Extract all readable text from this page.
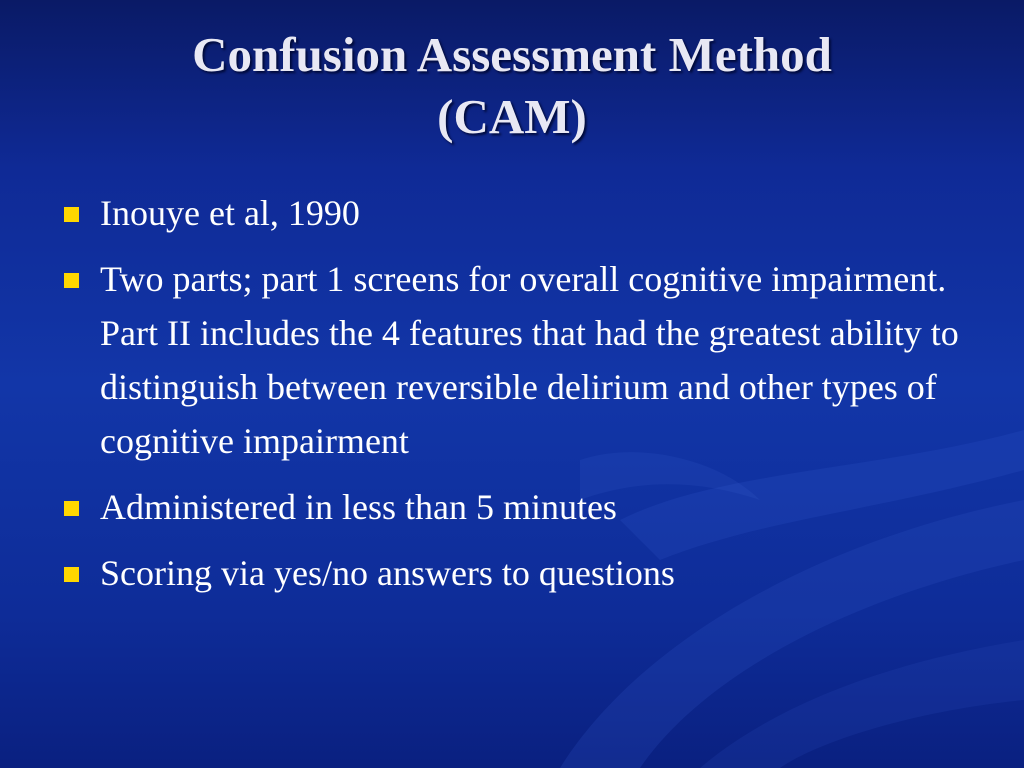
Confusion Assessment Method
(CAM)
Inouye et al, 1990
Two parts; part 1 screens for overall cognitive impairment.  Part II includes the 4 features that had the greatest ability to distinguish between reversible delirium and other types of cognitive impairment
Administered in less than 5 minutes
Scoring via yes/no answers to questions
